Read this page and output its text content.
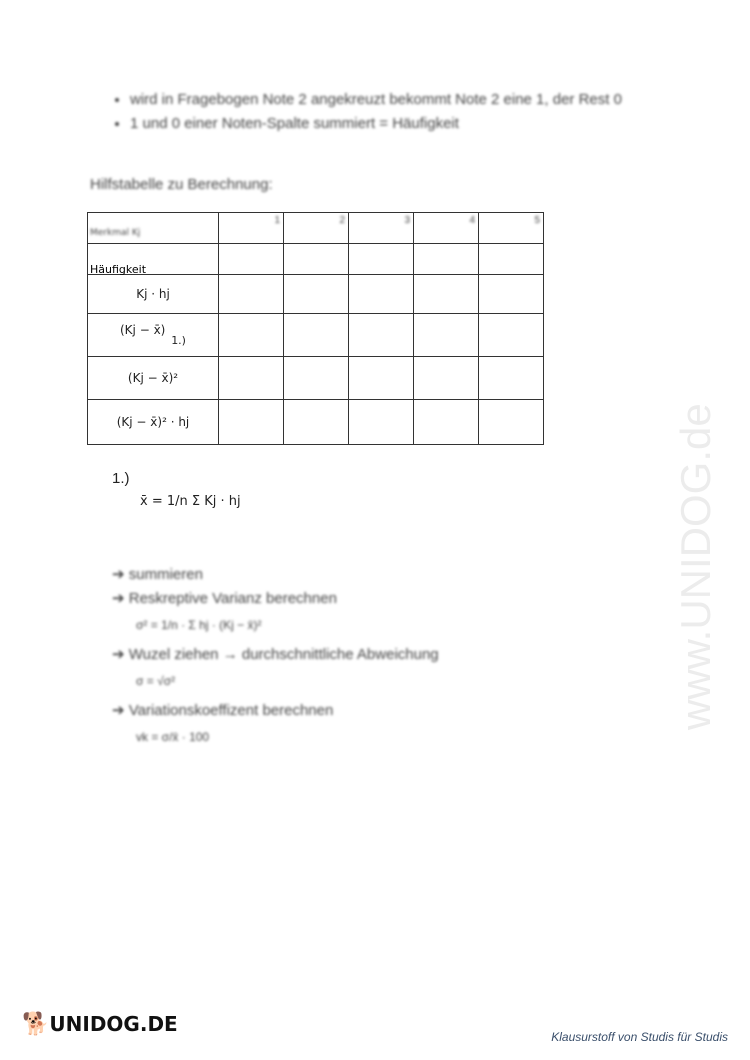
• wird in Fragebogen Note 2 angekreuzt bekommt Note 2 eine 1, der Rest 0
• 1 und 0 einer Noten-Spalte summiert = Häufigkeit
Hilfstabelle zu Berechnung:
Merkmal Kj	1	2	3	4	5

Häufigkeit					

Kj · hj					
(Kj − x̄) 1.)					
(Kj − x̄)²					
(Kj − x̄)² · hj					
1.)
x̄ = 1/n Σ Kj · hj
➔ summieren
➔ Reskreptive Varianz berechnen
σ² = 1/n · Σ hj · (Kj − x̄)²
➔ Wuzel ziehen → durchschnittliche Abweichung
σ = √σ²
➔ Variationskoeffizent berechnen
vk = σ/x̄ · 100
www.UNIDOG.de
🐕UNIDOG.DE
Klausurstoff von Studis für Studis
